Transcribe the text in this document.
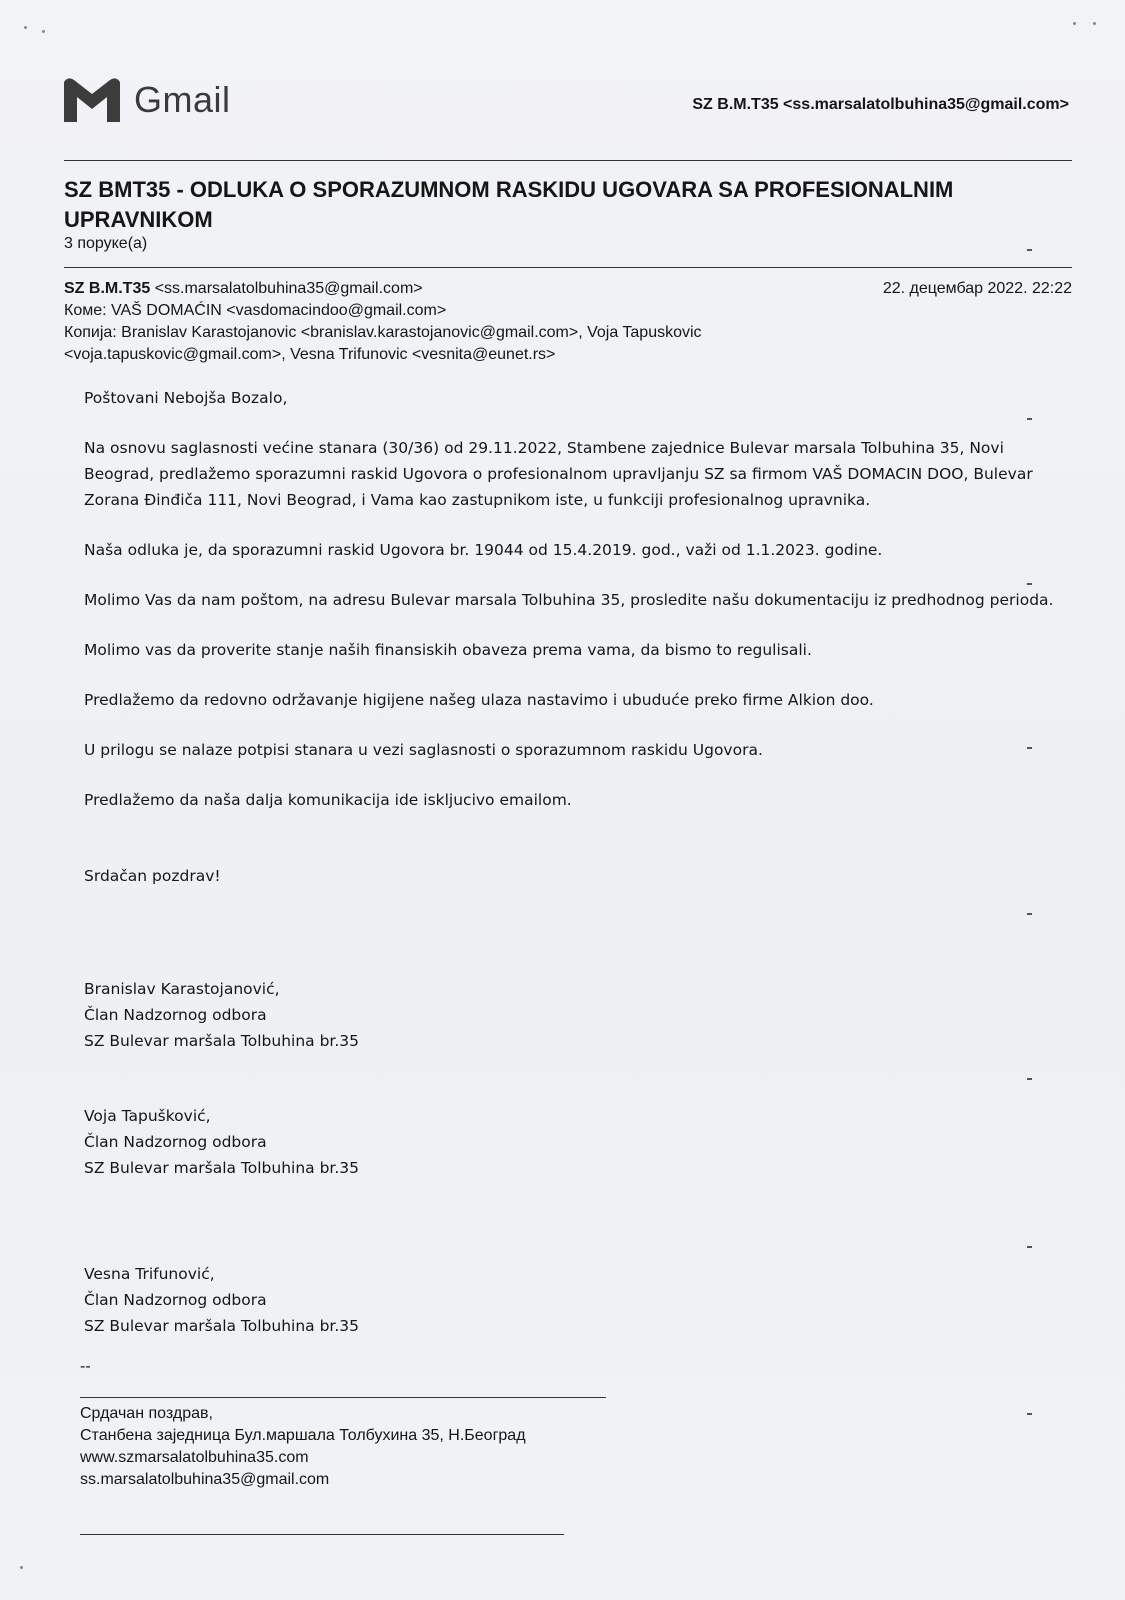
Gmail	SZ B.M.T35 <ss.marsalatolbuhina35@gmail.com>
SZ BMT35 - ODLUKA O SPORAZUMNOM RASKIDU UGOVARA SA PROFESIONALNIM UPRAVNIKOM
3 поруке(а)
SZ B.M.T35 <ss.marsalatolbuhina35@gmail.com>	22. децембар 2022. 22:22
Коме: VAŠ DOMAĆIN <vasdomacindoo@gmail.com>
Копија: Branislav Karastojanovic <branislav.karastojanovic@gmail.com>, Voja Tapuskovic <voja.tapuskovic@gmail.com>, Vesna Trifunovic <vesnita@eunet.rs>

Poštovani Nebojša Bozalo,

Na osnovu saglasnosti većine stanara (30/36) od 29.11.2022, Stambene zajednice Bulevar marsala Tolbuhina 35, Novi Beograd, predlažemo sporazumni raskid Ugovora o profesionalnom upravljanju SZ sa firmom VAŠ DOMACIN DOO, Bulevar Zorana Đinđiča 111, Novi Beograd, i Vama kao zastupnikom iste, u funkciji profesionalnog upravnika.

Naša odluka je, da sporazumni raskid Ugovora br. 19044 od 15.4.2019. god., važi od 1.1.2023. godine.

Molimo Vas da nam poštom, na adresu Bulevar marsala Tolbuhina 35, prosledite našu dokumentaciju iz predhodnog perioda.

Molimo vas da proverite stanje naših finansiskih obaveza prema vama, da bismo to regulisali.

Predlažemo da redovno održavanje higijene našeg ulaza nastavimo i ubuduće preko firme Alkion doo.

U prilogu se nalaze potpisi stanara u vezi saglasnosti o sporazumnom raskidu Ugovora.

Predlažemo da naša dalja komunikacija ide iskljucivo emailom.

Srdačan pozdrav!

Branislav Karastojanović,
Član Nadzornog odbora
SZ Bulevar maršala Tolbuhina br.35
Voja Tapušković,
Član Nadzornog odbora
SZ Bulevar maršala Tolbuhina br.35
Vesna Trifunović,
Član Nadzornog odbora
SZ Bulevar maršala Tolbuhina br.35
--
Срдачан поздрав,
Станбена заједница Бул.маршала Толбухина 35, Н.Београд
www.szmarsalatolbuhina35.com
ss.marsalatolbuhina35@gmail.com
